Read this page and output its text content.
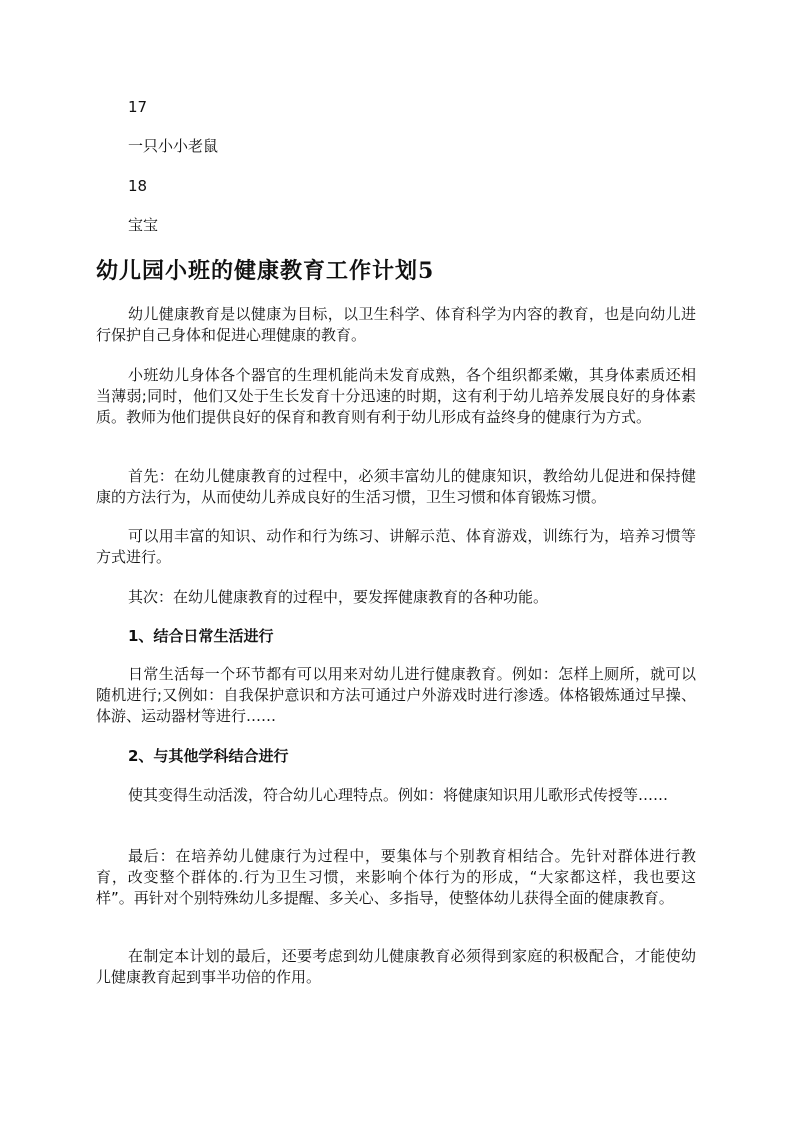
17

一只小小老鼠

18

宝宝

幼儿园小班的健康教育工作计划5

幼儿健康教育是以健康为目标，以卫生科学、体育科学为内容的教育，也是向幼儿进行保护自己身体和促进心理健康的教育。

小班幼儿身体各个器官的生理机能尚未发育成熟，各个组织都柔嫩，其身体素质还相当薄弱;同时，他们又处于生长发育十分迅速的时期，这有利于幼儿培养发展良好的身体素质。教师为他们提供良好的保育和教育则有利于幼儿形成有益终身的健康行为方式。

首先：在幼儿健康教育的过程中，必须丰富幼儿的健康知识，教给幼儿促进和保持健康的方法行为，从而使幼儿养成良好的生活习惯，卫生习惯和体育锻炼习惯。

可以用丰富的知识、动作和行为练习、讲解示范、体育游戏，训练行为，培养习惯等方式进行。

其次：在幼儿健康教育的过程中，要发挥健康教育的各种功能。

1、结合日常生活进行

日常生活每一个环节都有可以用来对幼儿进行健康教育。例如：怎样上厕所，就可以随机进行;又例如：自我保护意识和方法可通过户外游戏时进行渗透。体格锻炼通过早操、体游、运动器材等进行……

2、与其他学科结合进行

使其变得生动活泼，符合幼儿心理特点。例如：将健康知识用儿歌形式传授等……

最后：在培养幼儿健康行为过程中，要集体与个别教育相结合。先针对群体进行教育，改变整个群体的.行为卫生习惯，来影响个体行为的形成，“大家都这样，我也要这样”。再针对个别特殊幼儿多提醒、多关心、多指导，使整体幼儿获得全面的健康教育。

在制定本计划的最后，还要考虑到幼儿健康教育必须得到家庭的积极配合，才能使幼儿健康教育起到事半功倍的作用。
